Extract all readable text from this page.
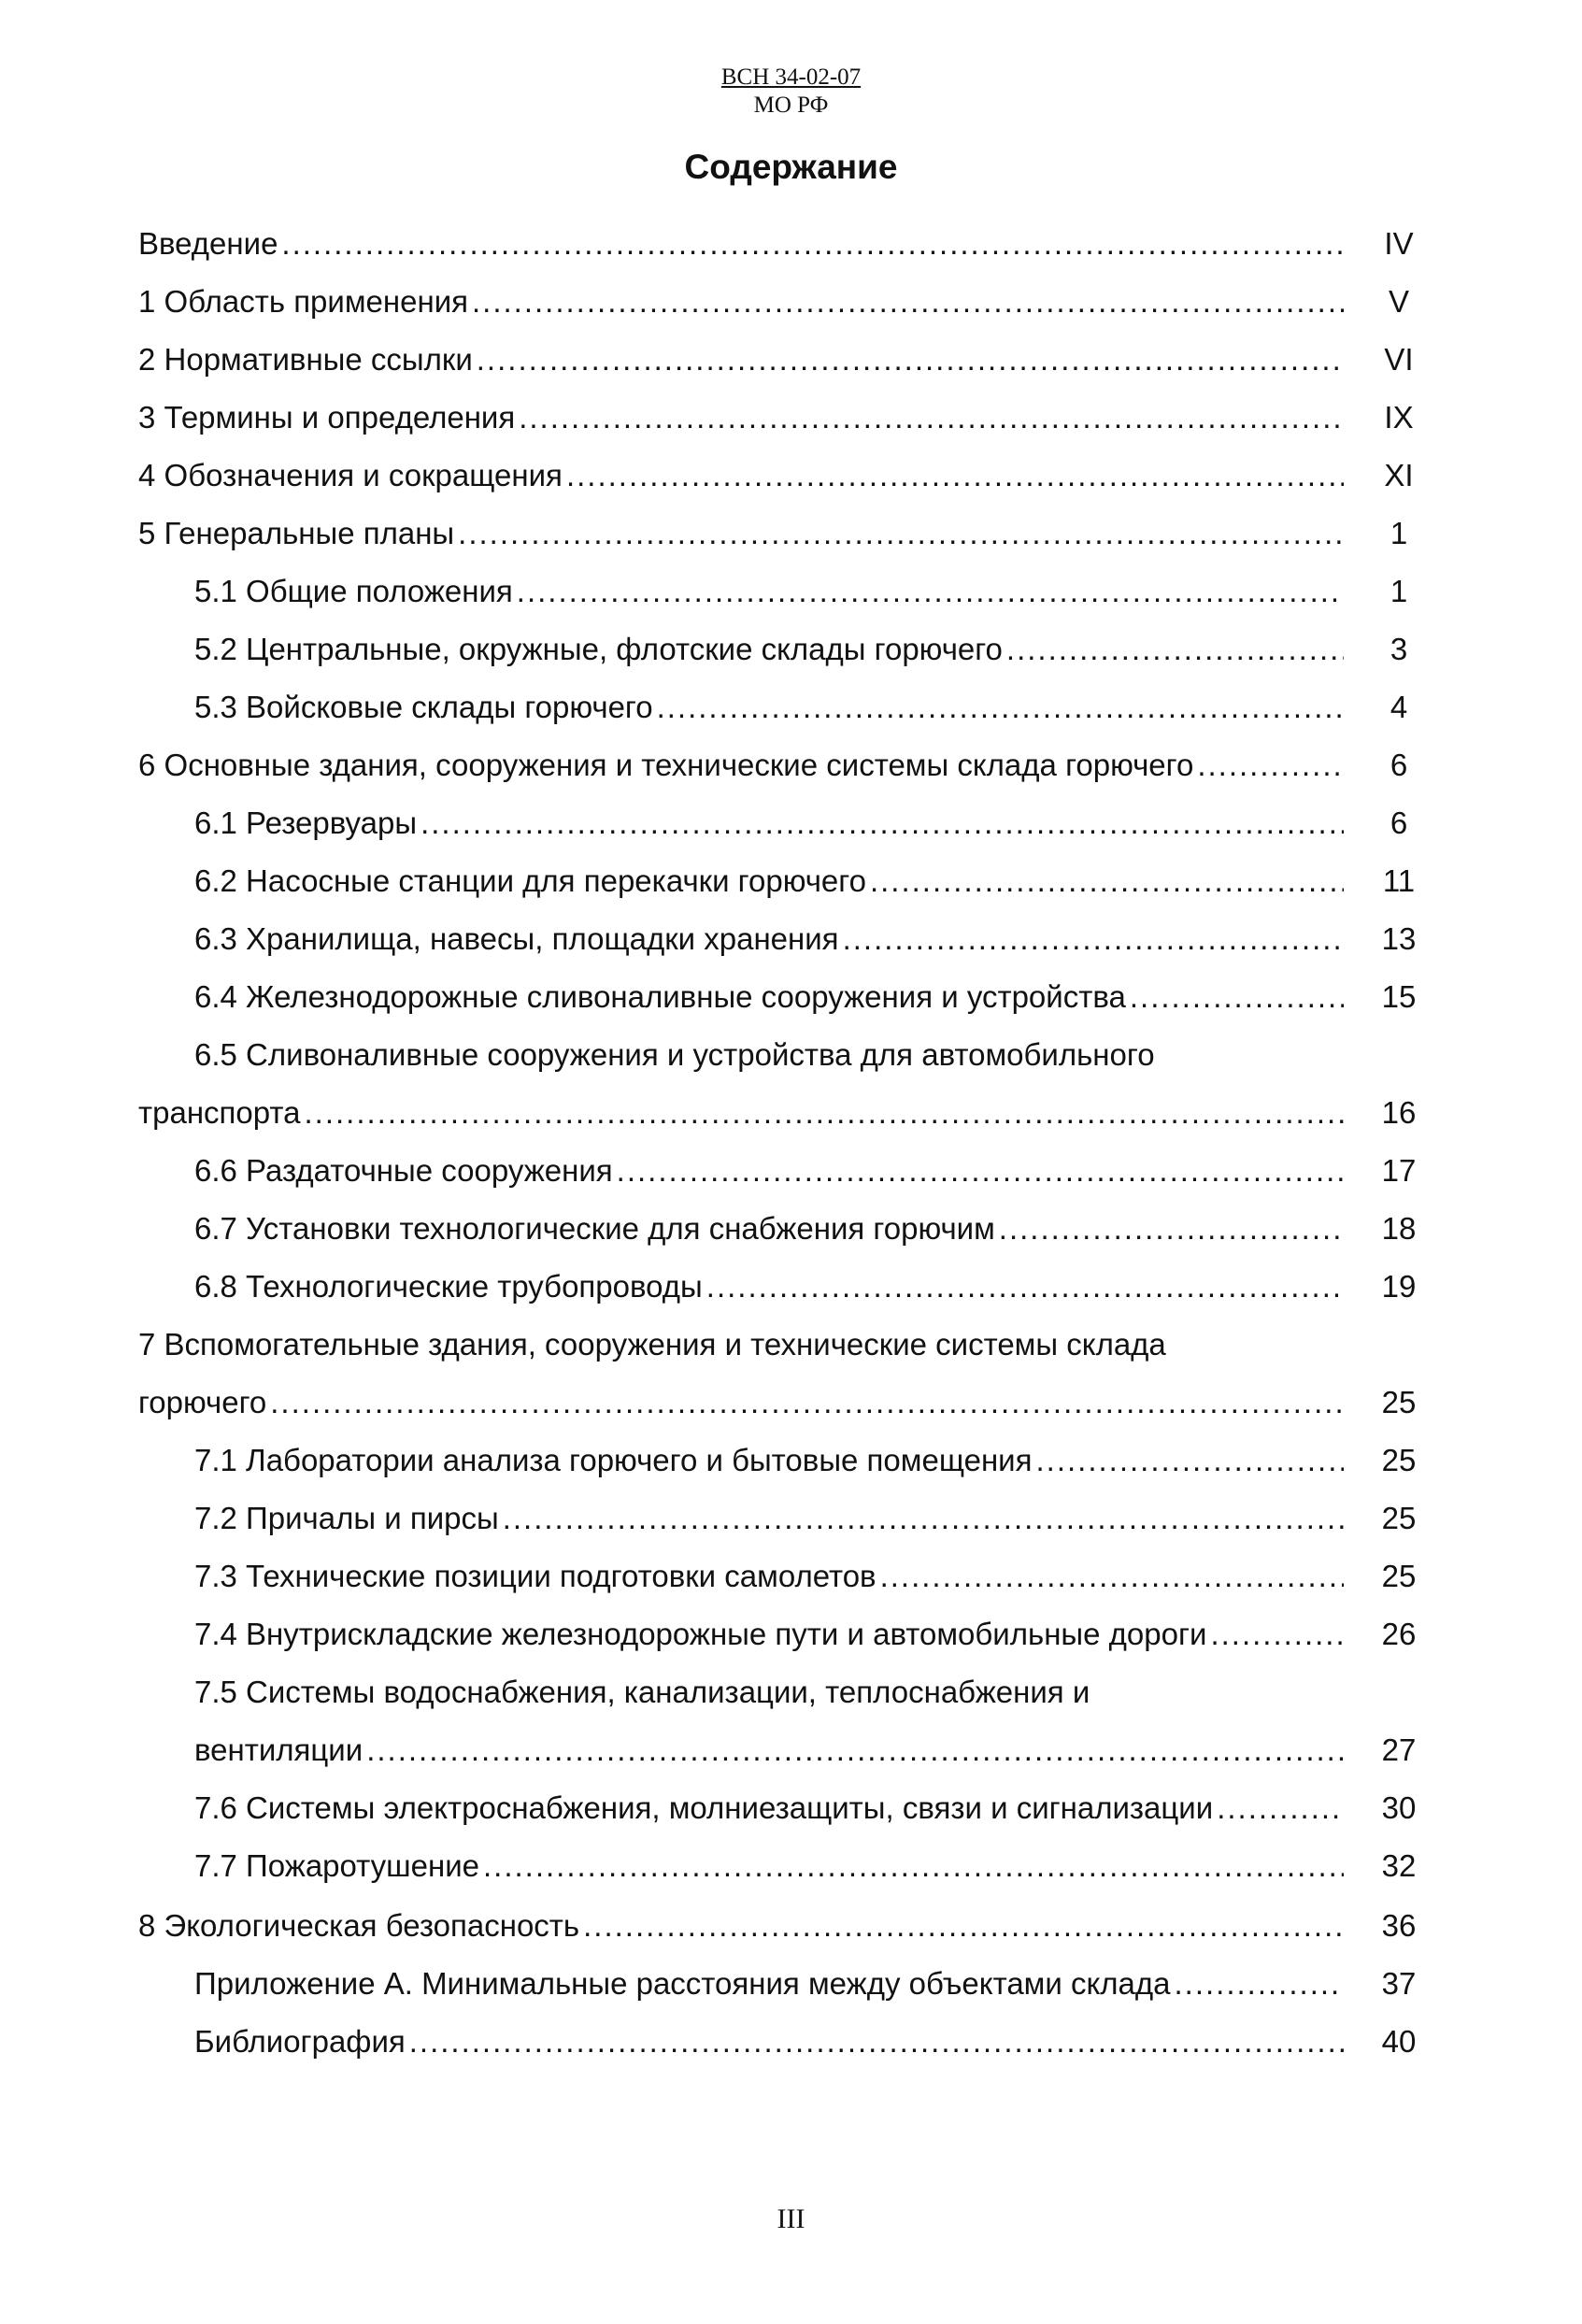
ВСН 34-02-07
МО РФ
Содержание
Введение .....	IV
1 Область применения .....	V
2 Нормативные ссылки .....	VI
3 Термины и определения .....	IX
4 Обозначения и сокращения .....	XI
5 Генеральные планы .....	1
5.1 Общие положения .....	1
5.2 Центральные, окружные, флотские склады горючего .....	3
5.3 Войсковые склады горючего .....	4
6 Основные здания, сооружения и технические системы склада горючего .....	6
6.1 Резервуары .....	6
6.2 Насосные станции для перекачки горючего .....	11
6.3 Хранилища, навесы, площадки хранения .....	13
6.4 Железнодорожные сливоналивные сооружения и устройства .....	15
6.5 Сливоналивные сооружения и устройства для автомобильного
транспорта .....	16
6.6 Раздаточные сооружения .....	17
6.7 Установки технологические для снабжения горючим .....	18
6.8 Технологические трубопроводы .....	19
7 Вспомогательные здания, сооружения и технические системы склада
горючего .....	25
7.1 Лаборатории анализа горючего и бытовые помещения .....	25
7.2 Причалы и пирсы .....	25
7.3 Технические позиции подготовки самолетов .....	25
7.4 Внутрискладские железнодорожные пути и автомобильные дороги .....	26
7.5 Системы водоснабжения, канализации, теплоснабжения и
вентиляции .....	27
7.6 Системы электроснабжения, молниезащиты, связи и сигнализации .....	30
7.7 Пожаротушение .....	32
8 Экологическая безопасность .....	36
Приложение А. Минимальные расстояния между объектами склада .....	37
Библиография .....	40
III
